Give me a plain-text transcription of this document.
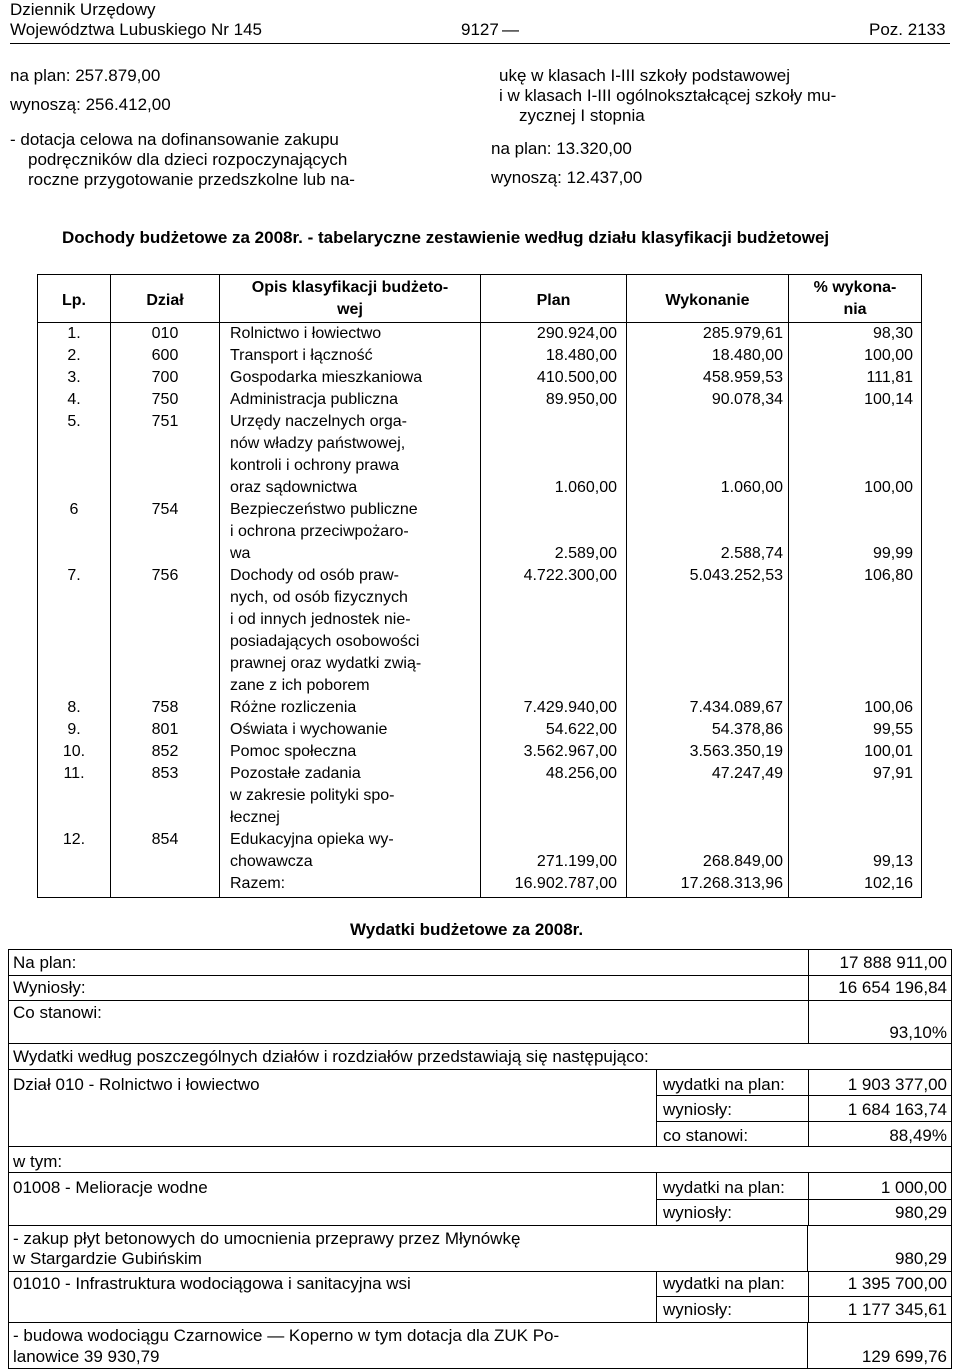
Dziennik Urzędowy
Województwa Lubuskiego Nr 145	9127 —	Poz. 2133
na plan: 257.879,00
wynoszą: 256.412,00
- dotacja celowa na dofinansowanie zakupu
podręczników dla dzieci rozpoczynających
roczne przygotowanie przedszkolne lub na-
ukę w klasach I-III szkoły podstawowej
i w klasach I-III ogólnokształcącej szkoły mu-
zycznej I stopnia
na plan: 13.320,00
wynoszą: 12.437,00
Dochody budżetowe za 2008r. - tabelaryczne zestawienie według działu klasyfikacji budżetowej
Lp.	Dział
Opis klasyfikacji budżeto-
wej
Plan	Wykonanie
% wykona-
nia
1.	010	Rolnictwo i łowiectwo	290.924,00	285.979,61	98,30
2.	600	Transport i łączność	18.480,00	18.480,00	100,00
3.	700	Gospodarka mieszkaniowa	410.500,00	458.959,53	111,81
4.	750	Administracja publiczna	89.950,00	90.078,34	100,14
5.	751	Urzędy naczelnych orga-
nów władzy państwowej,
kontroli i ochrony prawa
oraz sądownictwa	1.060,00	1.060,00	100,00
6	754	Bezpieczeństwo publiczne
i ochrona przeciwpożaro-
wa	2.589,00	2.588,74	99,99
7.	756	Dochody od osób praw-
nych, od osób fizycznych
i od innych jednostek nie-
posiadających osobowości
prawnej oraz wydatki zwią-
zane z ich poborem
4.722.300,00	5.043.252,53	106,80
8.	758	Różne rozliczenia	7.429.940,00	7.434.089,67	100,06
9.	801	Oświata i wychowanie	54.622,00	54.378,86	99,55
10.	852	Pomoc społeczna	3.562.967,00	3.563.350,19	100,01
11.	853	Pozostałe zadania
w zakresie polityki spo-
łecznej
48.256,00	47.247,49	97,91
12.	854	Edukacyjna opieka wy-
chowawcza	271.199,00	268.849,00	99,13
Razem:	16.902.787,00	17.268.313,96	102,16
Wydatki budżetowe za 2008r.
Na plan:	17 888 911,00
Wyniosły:	16 654 196,84
Co stanowi:
93,10%
Wydatki według poszczególnych działów i rozdziałów przedstawiają się następująco:
Dział 010 - Rolnictwo i łowiectwo	wydatki na plan:	1 903 377,00
wyniosły:	1 684 163,74
co stanowi:	88,49%
w tym:
01008 - Melioracje wodne	wydatki na plan:	1 000,00
wyniosły:	980,29
- zakup płyt betonowych do umocnienia przeprawy przez Młynówkę
w Stargardzie Gubińskim	980,29
01010 - Infrastruktura wodociągowa i sanitacyjna wsi	wydatki na plan:	1 395 700,00
wyniosły:	1 177 345,61
- budowa wodociągu Czarnowice — Koperno w tym dotacja dla ZUK Po-
lanowice 39 930,79	129 699,76
